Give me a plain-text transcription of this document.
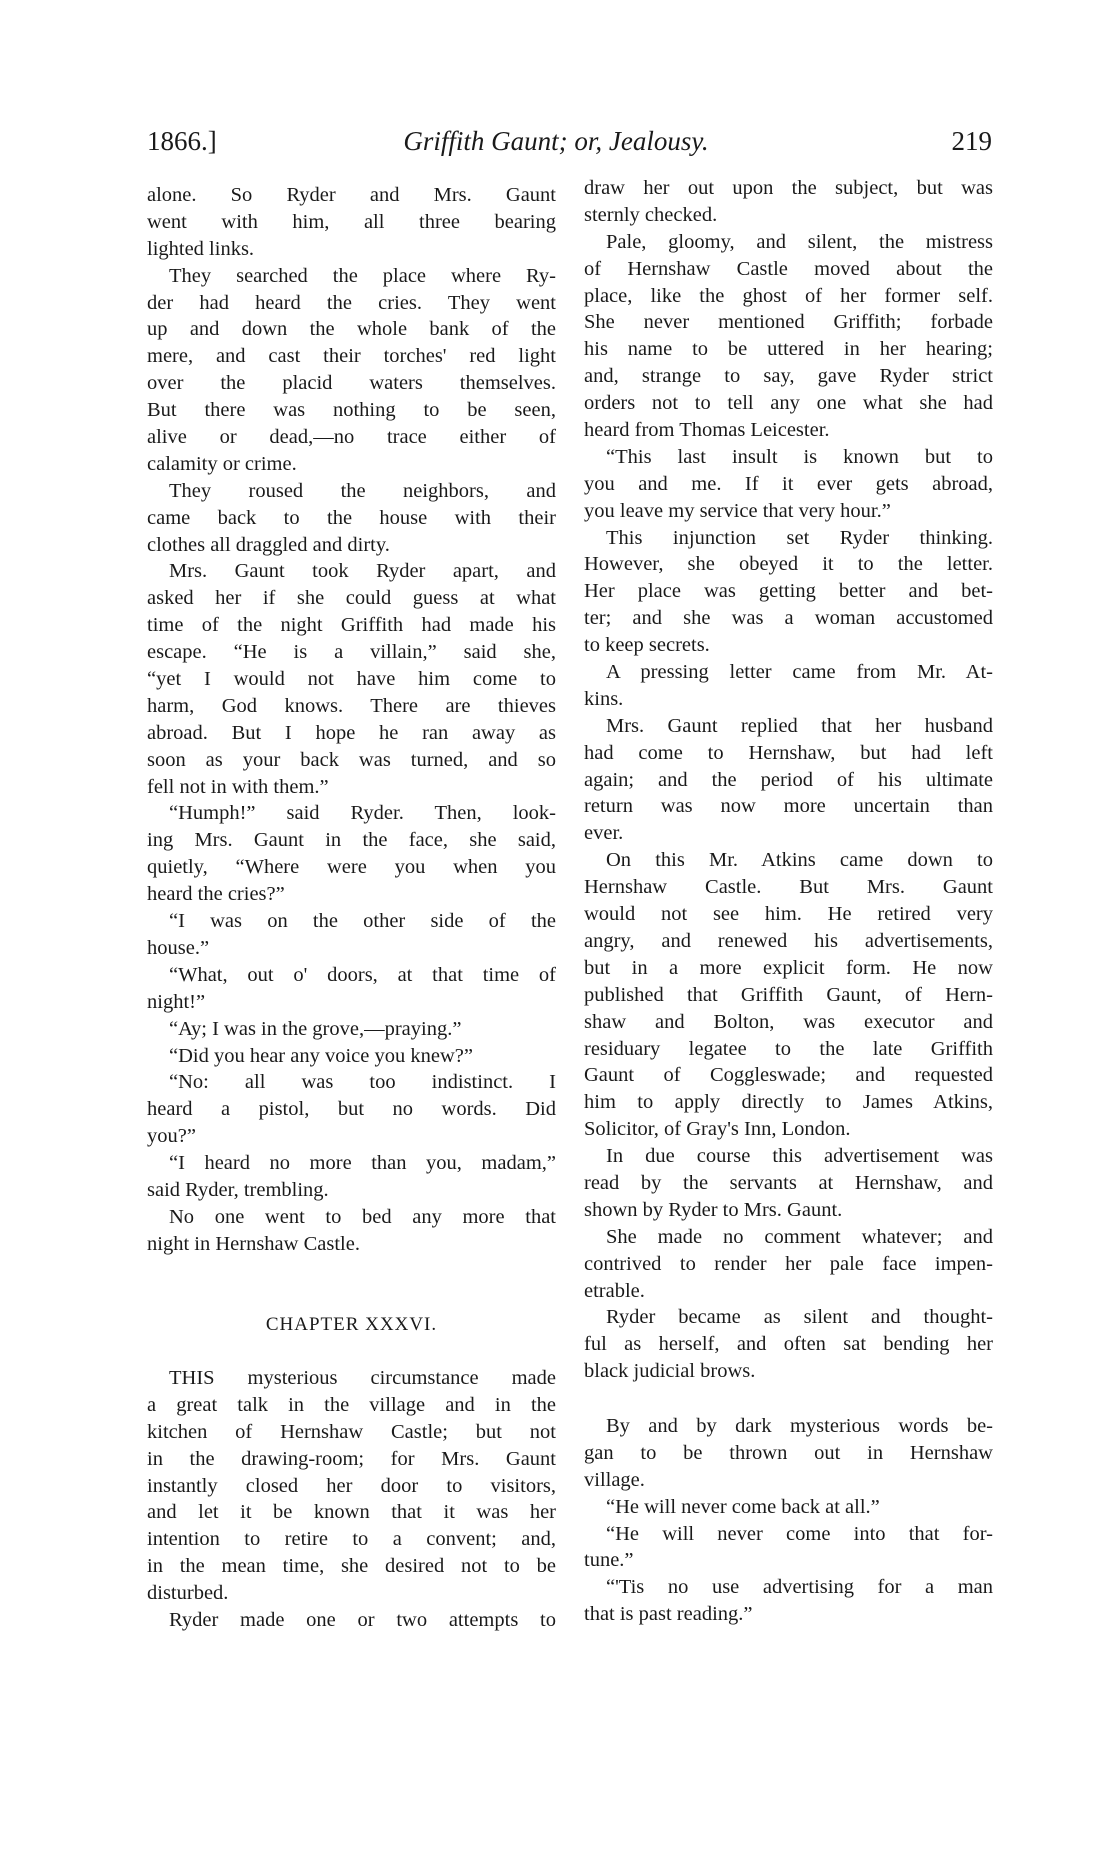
Griffith Gaunt; or, Jealousy.
1866.]	219
alone. So Ryder and Mrs. Gaunt
went with him, all three bearing
lighted links.
They searched the place where Ry-
der had heard the cries. They went
up and down the whole bank of the
mere, and cast their torches' red light
over the placid waters themselves.
But there was nothing to be seen,
alive or dead,—no trace either of
calamity or crime.
They roused the neighbors, and
came back to the house with their
clothes all draggled and dirty.
Mrs. Gaunt took Ryder apart, and
asked her if she could guess at what
time of the night Griffith had made his
escape. “He is a villain,” said she,
“yet I would not have him come to
harm, God knows. There are thieves
abroad. But I hope he ran away as
soon as your back was turned, and so
fell not in with them.”
“Humph!” said Ryder. Then, look-
ing Mrs. Gaunt in the face, she said,
quietly, “Where were you when you
heard the cries?”
“I was on the other side of the
house.”
“What, out o' doors, at that time of
night!”
“Ay; I was in the grove,—praying.”
“Did you hear any voice you knew?”
“No: all was too indistinct. I
heard a pistol, but no words. Did
you?”
“I heard no more than you, madam,”
said Ryder, trembling.
No one went to bed any more that
night in Hernshaw Castle.
CHAPTER XXXVI.
THIS mysterious circumstance made
a great talk in the village and in the
kitchen of Hernshaw Castle; but not
in the drawing-room; for Mrs. Gaunt
instantly closed her door to visitors,
and let it be known that it was her
intention to retire to a convent; and,
in the mean time, she desired not to be
disturbed.
Ryder made one or two attempts to
draw her out upon the subject, but was
sternly checked.
Pale, gloomy, and silent, the mistress
of Hernshaw Castle moved about the
place, like the ghost of her former self.
She never mentioned Griffith; forbade
his name to be uttered in her hearing;
and, strange to say, gave Ryder strict
orders not to tell any one what she had
heard from Thomas Leicester.
“This last insult is known but to
you and me. If it ever gets abroad,
you leave my service that very hour.”
This injunction set Ryder thinking.
However, she obeyed it to the letter.
Her place was getting better and bet-
ter; and she was a woman accustomed
to keep secrets.
A pressing letter came from Mr. At-
kins.
Mrs. Gaunt replied that her husband
had come to Hernshaw, but had left
again; and the period of his ultimate
return was now more uncertain than
ever.
On this Mr. Atkins came down to
Hernshaw Castle. But Mrs. Gaunt
would not see him. He retired very
angry, and renewed his advertisements,
but in a more explicit form. He now
published that Griffith Gaunt, of Hern-
shaw and Bolton, was executor and
residuary legatee to the late Griffith
Gaunt of Coggleswade; and requested
him to apply directly to James Atkins,
Solicitor, of Gray's Inn, London.
In due course this advertisement was
read by the servants at Hernshaw, and
shown by Ryder to Mrs. Gaunt.
She made no comment whatever; and
contrived to render her pale face impen-
etrable.
Ryder became as silent and thought-
ful as herself, and often sat bending her
black judicial brows.
By and by dark mysterious words be-
gan to be thrown out in Hernshaw
village.
“He will never come back at all.”
“He will never come into that for-
tune.”
“'Tis no use advertising for a man
that is past reading.”
